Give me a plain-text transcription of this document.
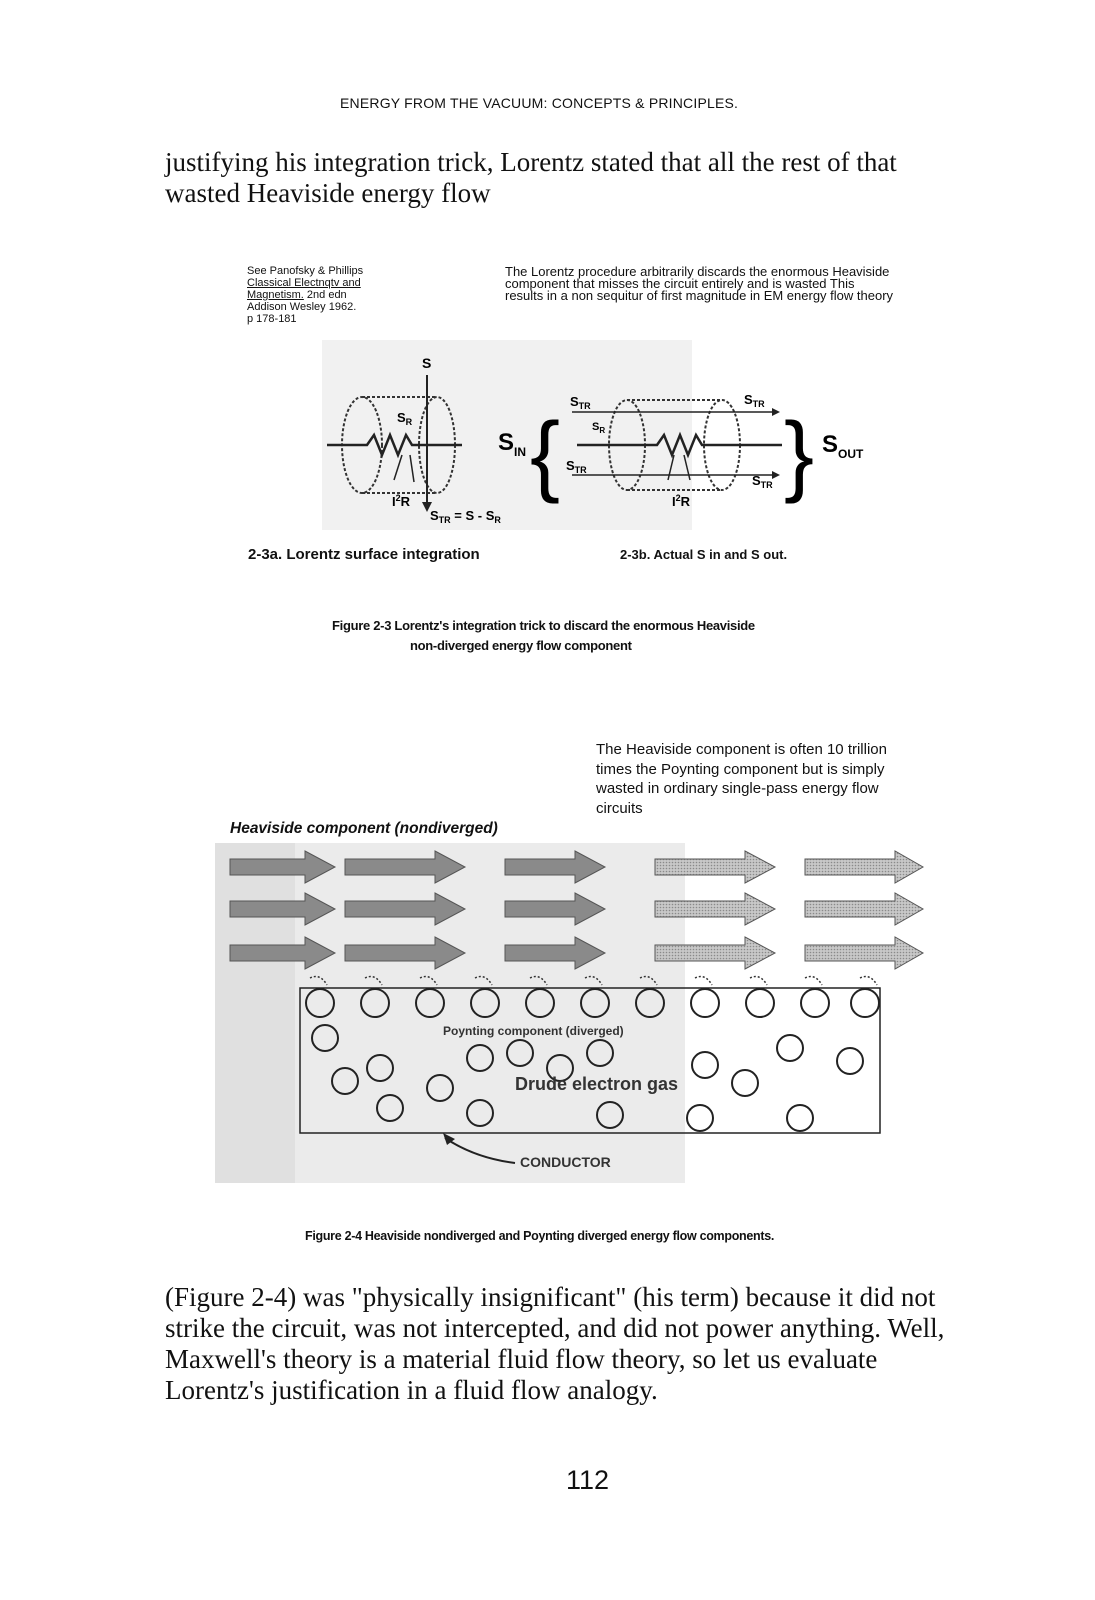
ENERGY FROM THE VACUUM: CONCEPTS & PRINCIPLES.
justifying his integration trick, Lorentz stated that all the rest of that wasted Heaviside energy flow
See Panofsky & Phillips
Classical Electnqtv and
Magnetism. 2nd edn
Addison Wesley 1962.
p 178-181
The Lorentz procedure arbitrarily discards the enormous Heaviside component that misses the circuit entirely and is wasted This results in a non sequitur of first magnitude in EM energy flow theory
S
$S_R$
$I^2R$
$S_{TR} = S - S_R$
$S_{IN}$ { } $S_{OUT}$
$S_{TR}$	$S_{TR}$
$S_{TR}$
$S_{TR}$
$S_R$
$I^2R$
2-3a. Lorentz surface integration	2-3b. Actual S in and S out.
Figure 2-3 Lorentz's integration trick to discard the enormous Heaviside
non-diverged energy flow component
The Heaviside component is often 10 trillion times the Poynting component but is simply wasted in ordinary single-pass energy flow circuits
Heaviside component (nondiverged)
Poynting component (diverged)
Drude electron gas
CONDUCTOR
Figure 2-4 Heaviside nondiverged and Poynting diverged energy flow components.
(Figure 2-4) was "physically insignificant" (his term) because it did not
strike the circuit, was not intercepted, and did not power anything. Well,
Maxwell's theory is a material fluid flow theory, so let us evaluate
Lorentz's justification in a fluid flow analogy.
112
